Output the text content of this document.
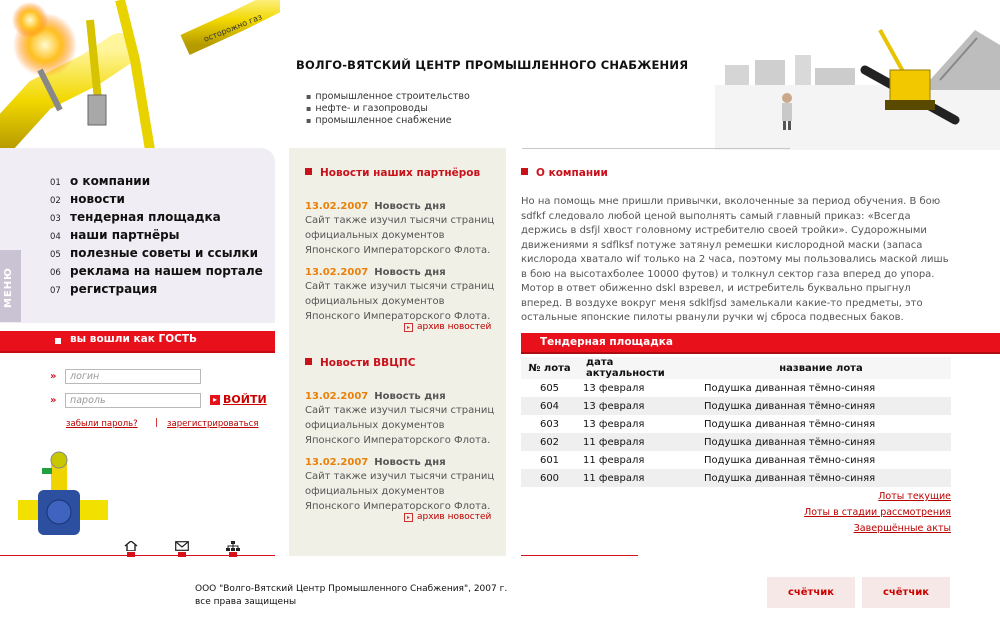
осторожно газ
ВОЛГО-ВЯТСКИЙ ЦЕНТР ПРОМЫШЛЕННОГО СНАБЖЕНИЯ
▪ промышленное строительство
▪ нефте- и газопроводы
▪ промышленное снабжение
МЕНЮ
01 о компании
02 новости
03 тендерная площадка
04 наши партнёры
05 полезные советы и ссылки
06 реклама на нашем портале
07 регистрация
вы вошли как ГОСТЬ
»
логин
»	▸ ВОЙТИ
забыли пароль? | зарегистрироваться
Новости наших партнёров
13.02.2007 Новость дня
Сайт также изучил тысячи страниц официальных документов Японского Императорского Флота.
13.02.2007 Новость дня
Сайт также изучил тысячи страниц официальных документов Японского Императорского Флота.
▸ архив новостей
Новости ВВЦПС
13.02.2007 Новость дня
Сайт также изучил тысячи страниц официальных документов Японского Императорского Флота.
13.02.2007 Новость дня
Сайт также изучил тысячи страниц официальных документов Японского Императорского Флота.
▸ архив новостей
О компании
Но на помощь мне пришли привычки, вколоченные за период обучения. В бою sdfkf следовало любой ценой выполнять самый главный приказ: «Всегда держись в dsfjl хвост головному истребителю своей тройки». Судорожными движениями я sdflksf потуже затянул ремешки кислородной маски (запаса кислорода хватало wif только на 2 часа, поэтому мы пользовались маской лишь в бою на высотахболеe 10000 футов) и толкнул сектор газа вперед до упора. Мотор в ответ обиженно dskl взревел, и истребитель буквально прыгнул вперед. В воздухе вокруг меня sdklfjsd замелькали какие-то предметы, это остальные японские пилоты рванули ручки wj сброса подвесных баков.
Тендерная площадка
№ лота	дата актуальности	название лота
605	13 февраля	Подушка диванная тёмно-синяя
604	13 февраля	Подушка диванная тёмно-синяя
603	13 февраля	Подушка диванная тёмно-синяя
602	11 февраля	Подушка диванная тёмно-синяя
601	11 февраля	Подушка диванная тёмно-синяя
600	11 февраля	Подушка диванная тёмно-синяя
Лоты текущие
Лоты в стадии рассмотрения
Завершённые акты
ООО "Волго-Вятский Центр Промышленного Снабжения", 2007 г.
все права защищены
счётчик	счётчик
